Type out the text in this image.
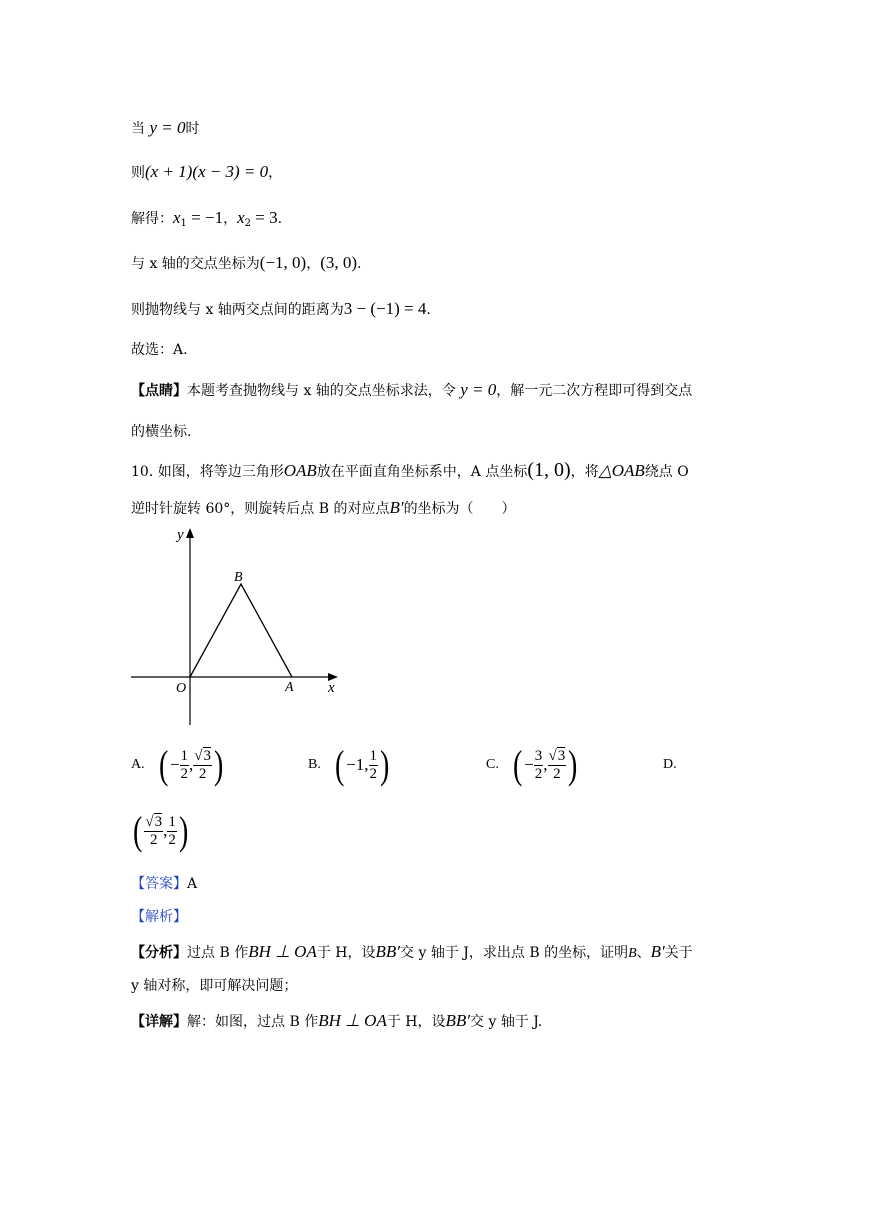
当 y = 0时
则(x + 1)(x − 3) = 0，
解得：$x_1 = -1$，$x_2 = 3$.
与 x 轴的交点坐标为(−1, 0)，(3, 0).
则抛物线与 x 轴两交点间的距离为3 − (−1) = 4.
故选：A.
【点睛】本题考查抛物线与 x 轴的交点坐标求法，令 y = 0，解一元二次方程即可得到交点
的横坐标.
10. 如图，将等边三角形OAB放在平面直角坐标系中，A 点坐标(1, 0)，将△OAB绕点 O
逆时针旋转 60°，则旋转后点 B 的对应点B′的坐标为（　　）
y
x
B
O	A
A. ( − $\frac{1}{2}$ , $\frac{√3}{2}$ )	B. ( −1, $\frac{1}{2}$ )	C. ( − $\frac{3}{2}$ , $\frac{√3}{2}$ )	D.
( $\frac{√3}{2}$ , $\frac{1}{2}$ )
【答案】A
【解析】
【分析】过点 B 作BH ⊥ OA于 H，设BB′交 y 轴于 J，求出点 B 的坐标，证明B、B′关于
y 轴对称，即可解决问题；
【详解】解：如图，过点 B 作BH ⊥ OA于 H，设BB′交 y 轴于 J.
